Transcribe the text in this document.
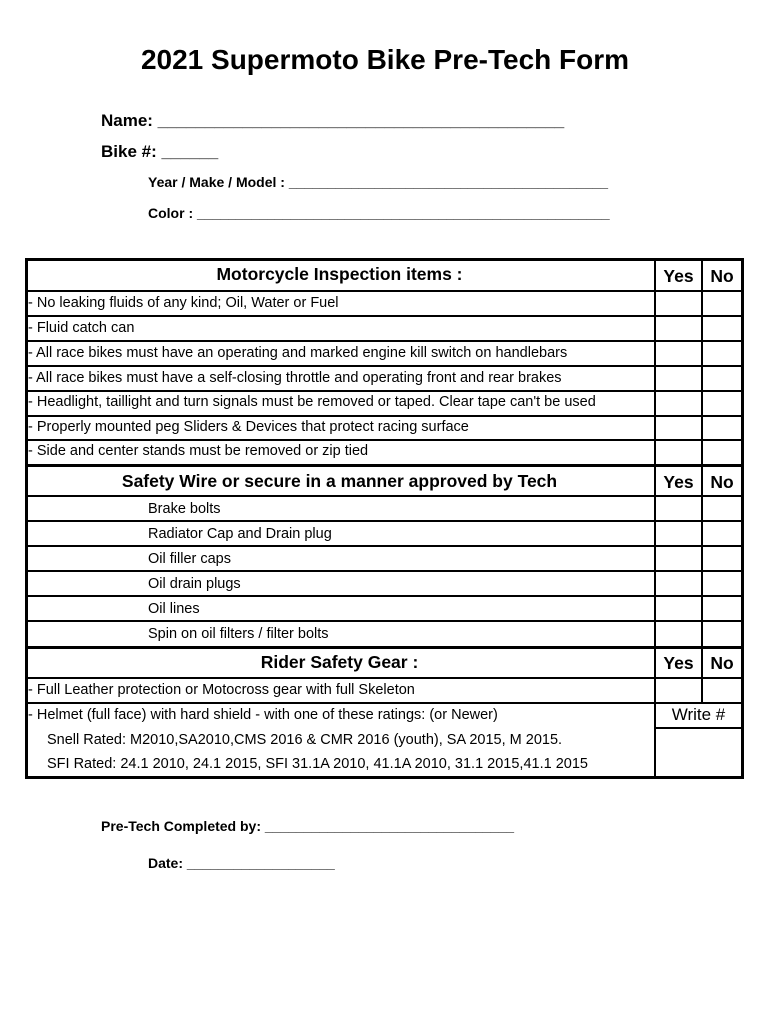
2021 Supermoto Bike Pre-Tech Form
Name: ___________________________________________
Bike #: ______
Year / Make / Model : _________________________________________
Color : _____________________________________________________
Motorcycle Inspection items :	Yes No
- No leaking fluids of any kind; Oil, Water or Fuel
- Fluid catch can
- All race bikes must have an operating and marked engine kill switch on handlebars
- All race bikes must have a self-closing throttle and operating front and rear brakes
- Headlight, taillight and turn signals must be removed or taped. Clear tape can't be used
- Properly mounted peg Sliders & Devices that protect racing surface
- Side and center stands must be removed or zip tied
Safety Wire or secure in a manner approved by Tech	Yes No
Brake bolts
Radiator Cap and Drain plug
Oil filler caps
Oil drain plugs
Oil lines
Spin on oil filters / filter bolts
Rider Safety Gear :	Yes No
- Full Leather protection or Motocross gear with full Skeleton
- Helmet (full face) with hard shield - with one of these ratings: (or Newer)
Snell Rated: M2010,SA2010,CMS 2016 & CMR 2016 (youth), SA 2015, M 2015.
SFI Rated: 24.1 2010, 24.1 2015, SFI 31.1A 2010, 41.1A 2010, 31.1 2015,41.1 2015
Write #
Pre-Tech Completed by: ________________________________
Date: ___________________
